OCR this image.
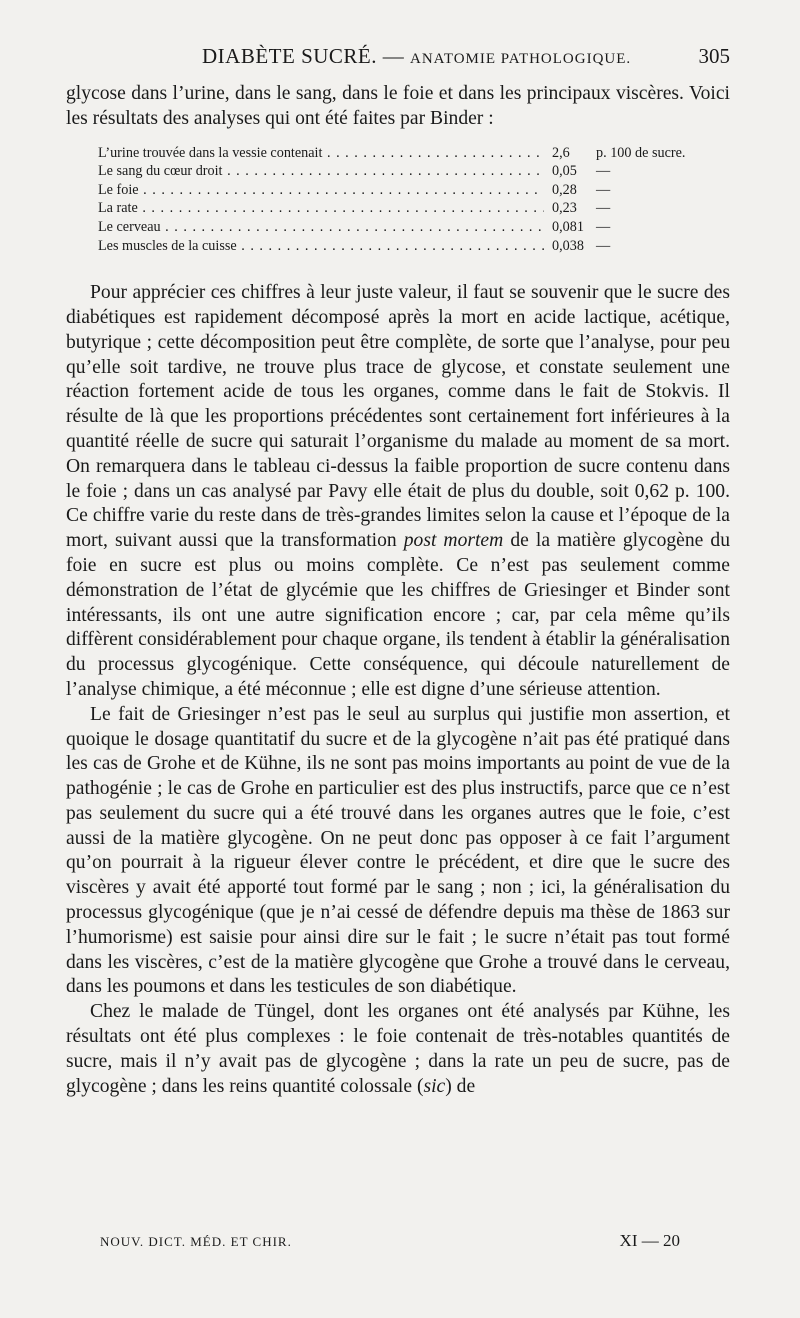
DIABÈTE SUCRÉ. — ANATOMIE PATHOLOGIQUE.	305

glycose dans l’urine, dans le sang, dans le foie et dans les principaux viscères. Voici les résultats des analyses qui ont été faites par Binder :

L’urine trouvée dans la vessie contenait . . .	2,6	p. 100 de sucre.
Le sang du cœur droit . . .	0,05	—
Le foie . . .	0,28	—
La rate . . .	0,23	—
Le cerveau . . .	0,081 —
Les muscles de la cuisse . . .	0,038 —

Pour apprécier ces chiffres à leur juste valeur, il faut se souvenir que le sucre des diabétiques est rapidement décomposé après la mort en acide lactique, acétique, butyrique ; cette décomposition peut être complète, de sorte que l’analyse, pour peu qu’elle soit tardive, ne trouve plus trace de glycose, et constate seulement une réaction fortement acide de tous les organes, comme dans le fait de Stokvis. Il résulte de là que les proportions précédentes sont certainement fort inférieures à la quantité réelle de sucre qui saturait l’organisme du malade au moment de sa mort. On remarquera dans le tableau ci-dessus la faible proportion de sucre contenu dans le foie ; dans un cas analysé par Pavy elle était de plus du double, soit 0,62 p. 100. Ce chiffre varie du reste dans de très-grandes limites selon la cause et l’époque de la mort, suivant aussi que la transformation post mortem de la matière glycogène du foie en sucre est plus ou moins complète. Ce n’est pas seulement comme démonstration de l’état de glycémie que les chiffres de Griesinger et Binder sont intéressants, ils ont une autre signification encore ; car, par cela même qu’ils diffèrent considérablement pour chaque organe, ils tendent à établir la généralisation du processus glycogénique. Cette conséquence, qui découle naturellement de l’analyse chimique, a été méconnue ; elle est digne d’une sérieuse attention.

Le fait de Griesinger n’est pas le seul au surplus qui justifie mon assertion, et quoique le dosage quantitatif du sucre et de la glycogène n’ait pas été pratiqué dans les cas de Grohe et de Kühne, ils ne sont pas moins importants au point de vue de la pathogénie ; le cas de Grohe en particulier est des plus instructifs, parce que ce n’est pas seulement du sucre qui a été trouvé dans les organes autres que le foie, c’est aussi de la matière glycogène. On ne peut donc pas opposer à ce fait l’argument qu’on pourrait à la rigueur élever contre le précédent, et dire que le sucre des viscères y avait été apporté tout formé par le sang ; non ; ici, la généralisation du processus glycogénique (que je n’ai cessé de défendre depuis ma thèse de 1863 sur l’humorisme) est saisie pour ainsi dire sur le fait ; le sucre n’était pas tout formé dans les viscères, c’est de la matière glycogène que Grohe a trouvé dans le cerveau, dans les poumons et dans les testicules de son diabétique.

Chez le malade de Tüngel, dont les organes ont été analysés par Kühne, les résultats ont été plus complexes : le foie contenait de très-notables quantités de sucre, mais il n’y avait pas de glycogène ; dans la rate un peu de sucre, pas de glycogène ; dans les reins quantité colossale (sic) de

NOUV. DICT. MÉD. ET CHIR.	XI — 20
